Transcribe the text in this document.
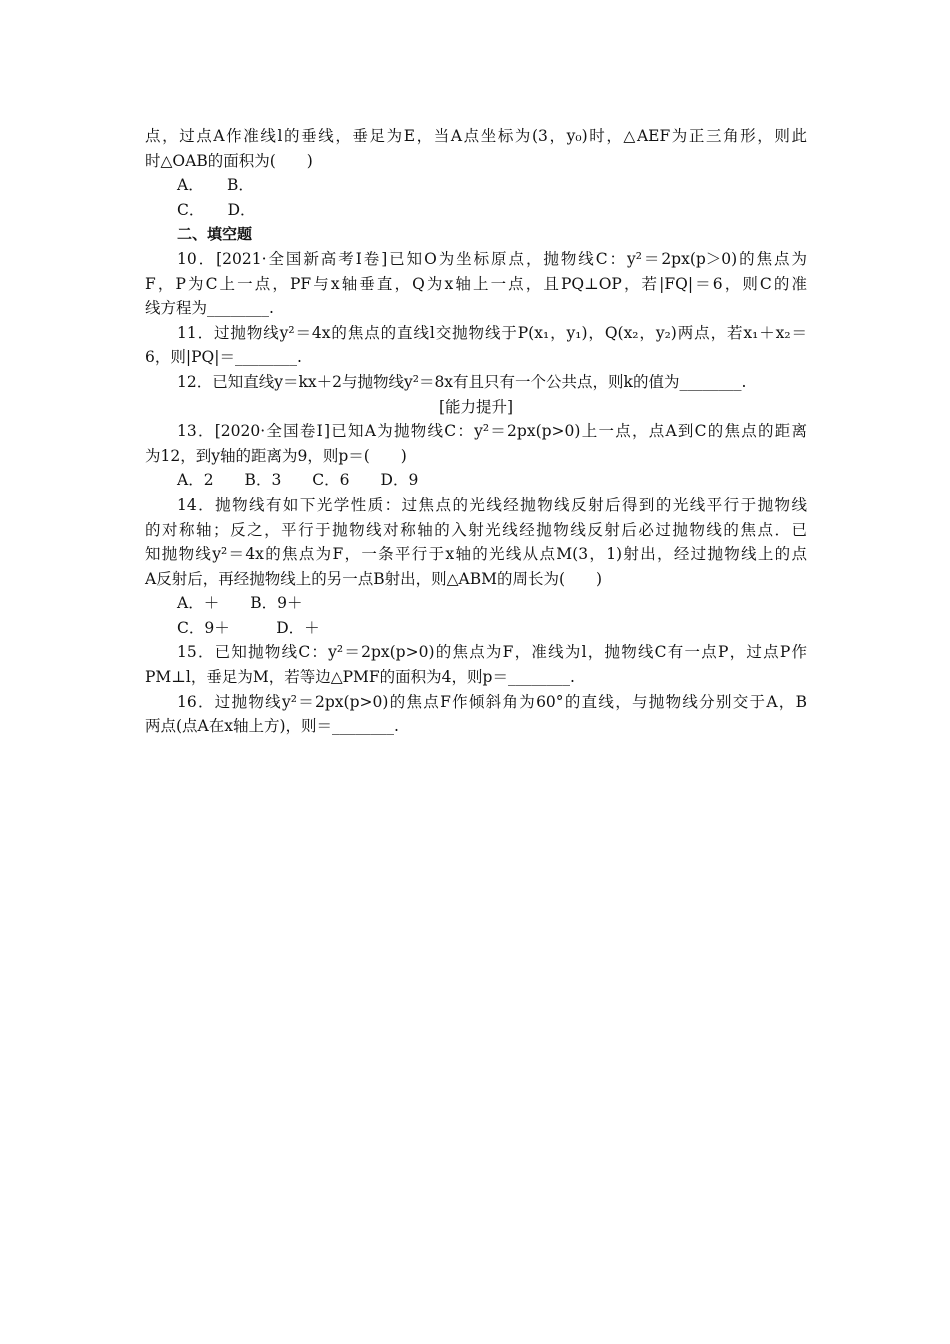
点，过点A作准线l的垂线，垂足为E，当A点坐标为(3，y₀)时，△AEF为正三角形，则此
时△OAB的面积为(　　)
A．　　B．
C．　　D．
二、填空题
10．[2021·全国新高考Ⅰ卷]已知O为坐标原点，抛物线C：y²＝2px(p＞0)的焦点为
F，P为C上一点，PF与x轴垂直，Q为x轴上一点，且PQ⊥OP，若|FQ|＝6，则C的准
线方程为________.
11．过抛物线y²＝4x的焦点的直线l交抛物线于P(x₁，y₁)，Q(x₂，y₂)两点，若x₁＋x₂＝
6，则|PQ|＝________.
12．已知直线y＝kx＋2与抛物线y²＝8x有且只有一个公共点，则k的值为________.
[能力提升]
13．[2020·全国卷Ⅰ]已知A为抛物线C：y²＝2px(p>0)上一点，点A到C的焦点的距离
为12，到y轴的距离为9，则p＝(　　)
A．2　　B．3　　C．6　　D．9
14．抛物线有如下光学性质：过焦点的光线经抛物线反射后得到的光线平行于抛物线
的对称轴；反之，平行于抛物线对称轴的入射光线经抛物线反射后必过抛物线的焦点．已
知抛物线y²＝4x的焦点为F，一条平行于x轴的光线从点M(3，1)射出，经过抛物线上的点
A反射后，再经抛物线上的另一点B射出，则△ABM的周长为(　　)
A．＋　　B．9＋
C．9＋　　　D．＋
15．已知抛物线C：y²＝2px(p>0)的焦点为F，准线为l，抛物线C有一点P，过点P作
PM⊥l，垂足为M，若等边△PMF的面积为4，则p＝________.
16．过抛物线y²＝2px(p>0)的焦点F作倾斜角为60°的直线，与抛物线分别交于A，B
两点(点A在x轴上方)，则＝________.
